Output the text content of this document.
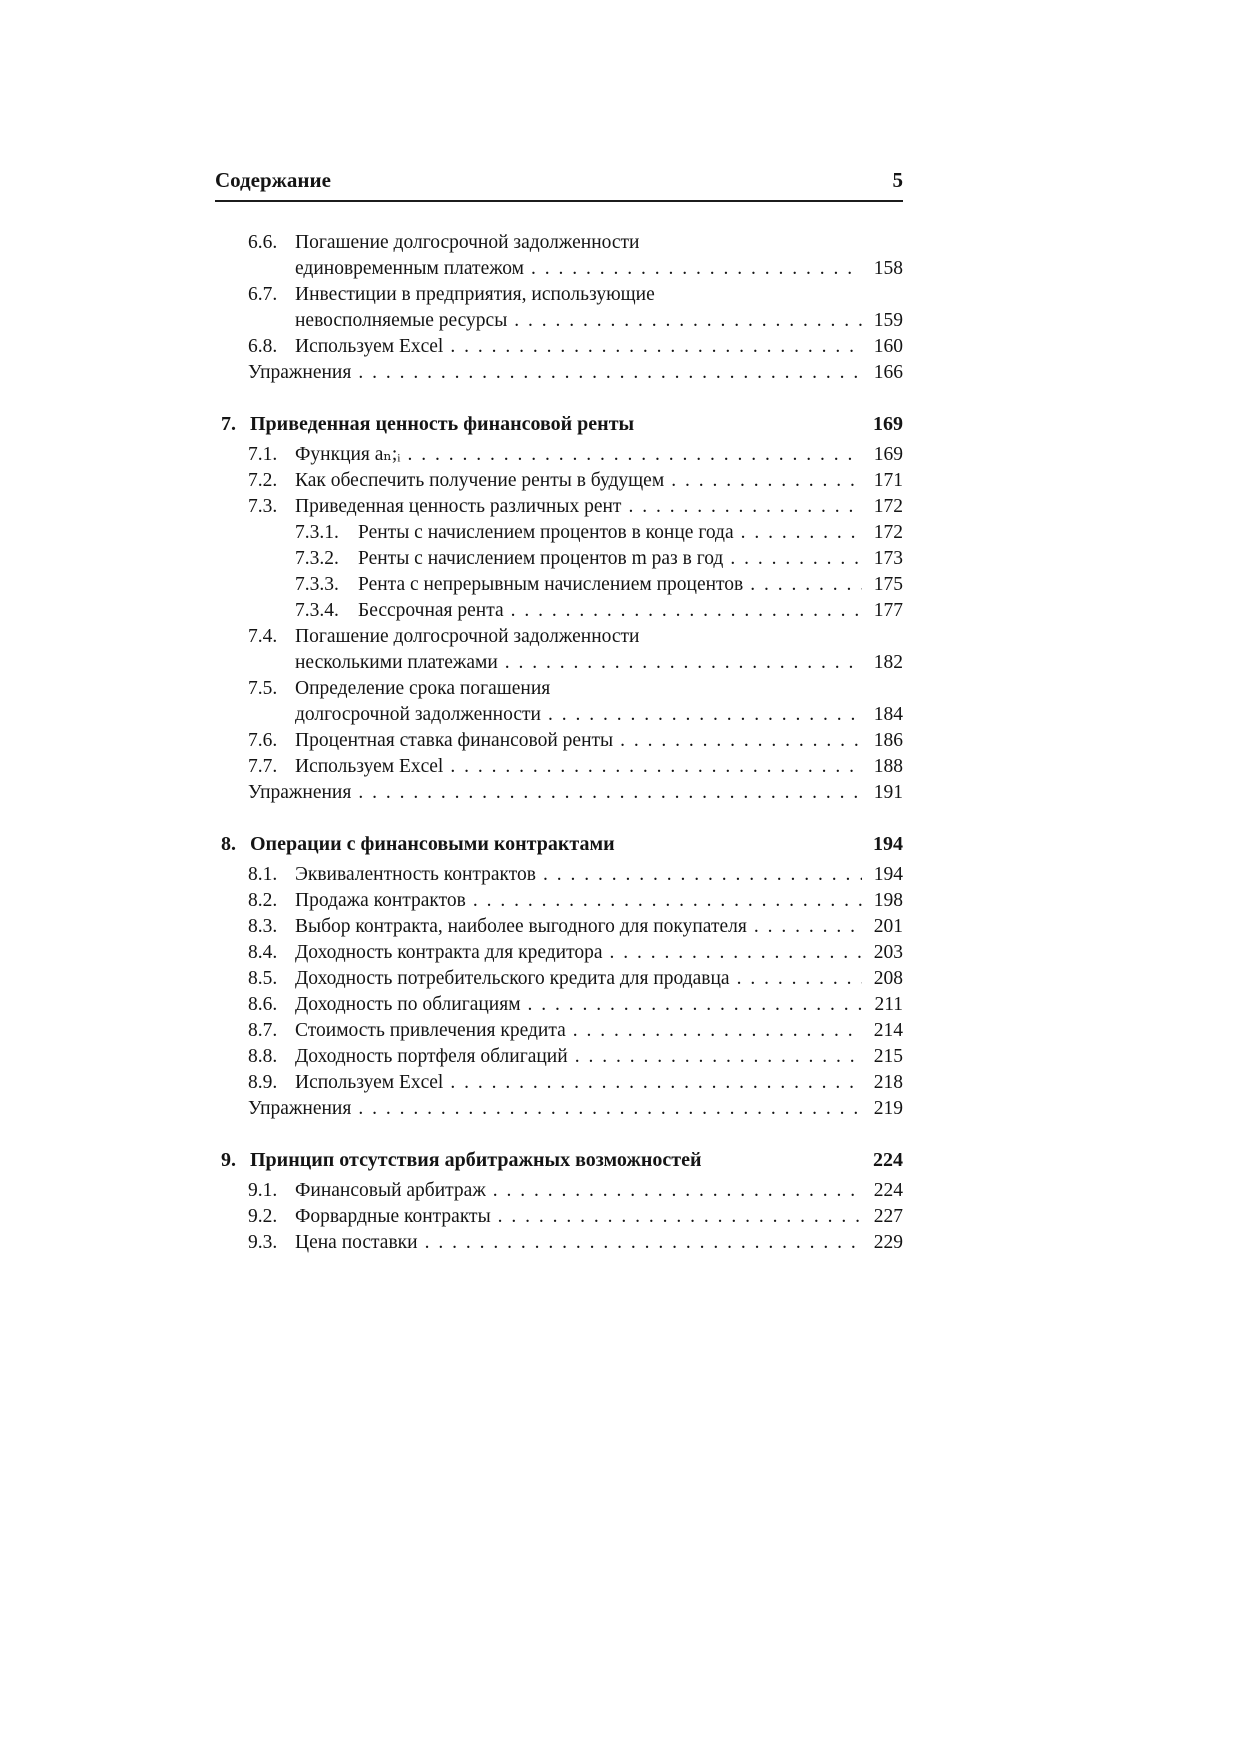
Содержание	5
6.6. Погашение долгосрочной задолженности
единовременным платежом . . .	158
6.7. Инвестиции в предприятия, использующие
невосполняемые ресурсы . . .	159
6.8. Используем Excel . . .	160
Упражнения . . .	166
7. Приведенная ценность финансовой ренты	169
7.1. Функция aₙ;ᵢ . . .	169
7.2. Как обеспечить получение ренты в будущем . . .	171
7.3. Приведенная ценность различных рент . . .	172
7.3.1. Ренты с начислением процентов в конце года . . .	172
7.3.2. Ренты с начислением процентов m раз в год . . .	173
7.3.3. Рента с непрерывным начислением процентов . . .	175
7.3.4. Бессрочная рента . . .	177
7.4. Погашение долгосрочной задолженности
несколькими платежами . . .	182
7.5. Определение срока погашения
долгосрочной задолженности . . .	184
7.6. Процентная ставка финансовой ренты . . .	186
7.7. Используем Excel . . .	188
Упражнения . . .	191
8. Операции с финансовыми контрактами	194
8.1. Эквивалентность контрактов . . .	194
8.2. Продажа контрактов . . .	198
8.3. Выбор контракта, наиболее выгодного для покупателя . . .	201
8.4. Доходность контракта для кредитора . . .	203
8.5. Доходность потребительского кредита для продавца . . .	208
8.6. Доходность по облигациям . . .	211
8.7. Стоимость привлечения кредита . . .	214
8.8. Доходность портфеля облигаций . . .	215
8.9. Используем Excel . . .	218
Упражнения . . .	219
9. Принцип отсутствия арбитражных возможностей	224
9.1. Финансовый арбитраж . . .	224
9.2. Форвардные контракты . . .	227
9.3. Цена поставки . . .	229
